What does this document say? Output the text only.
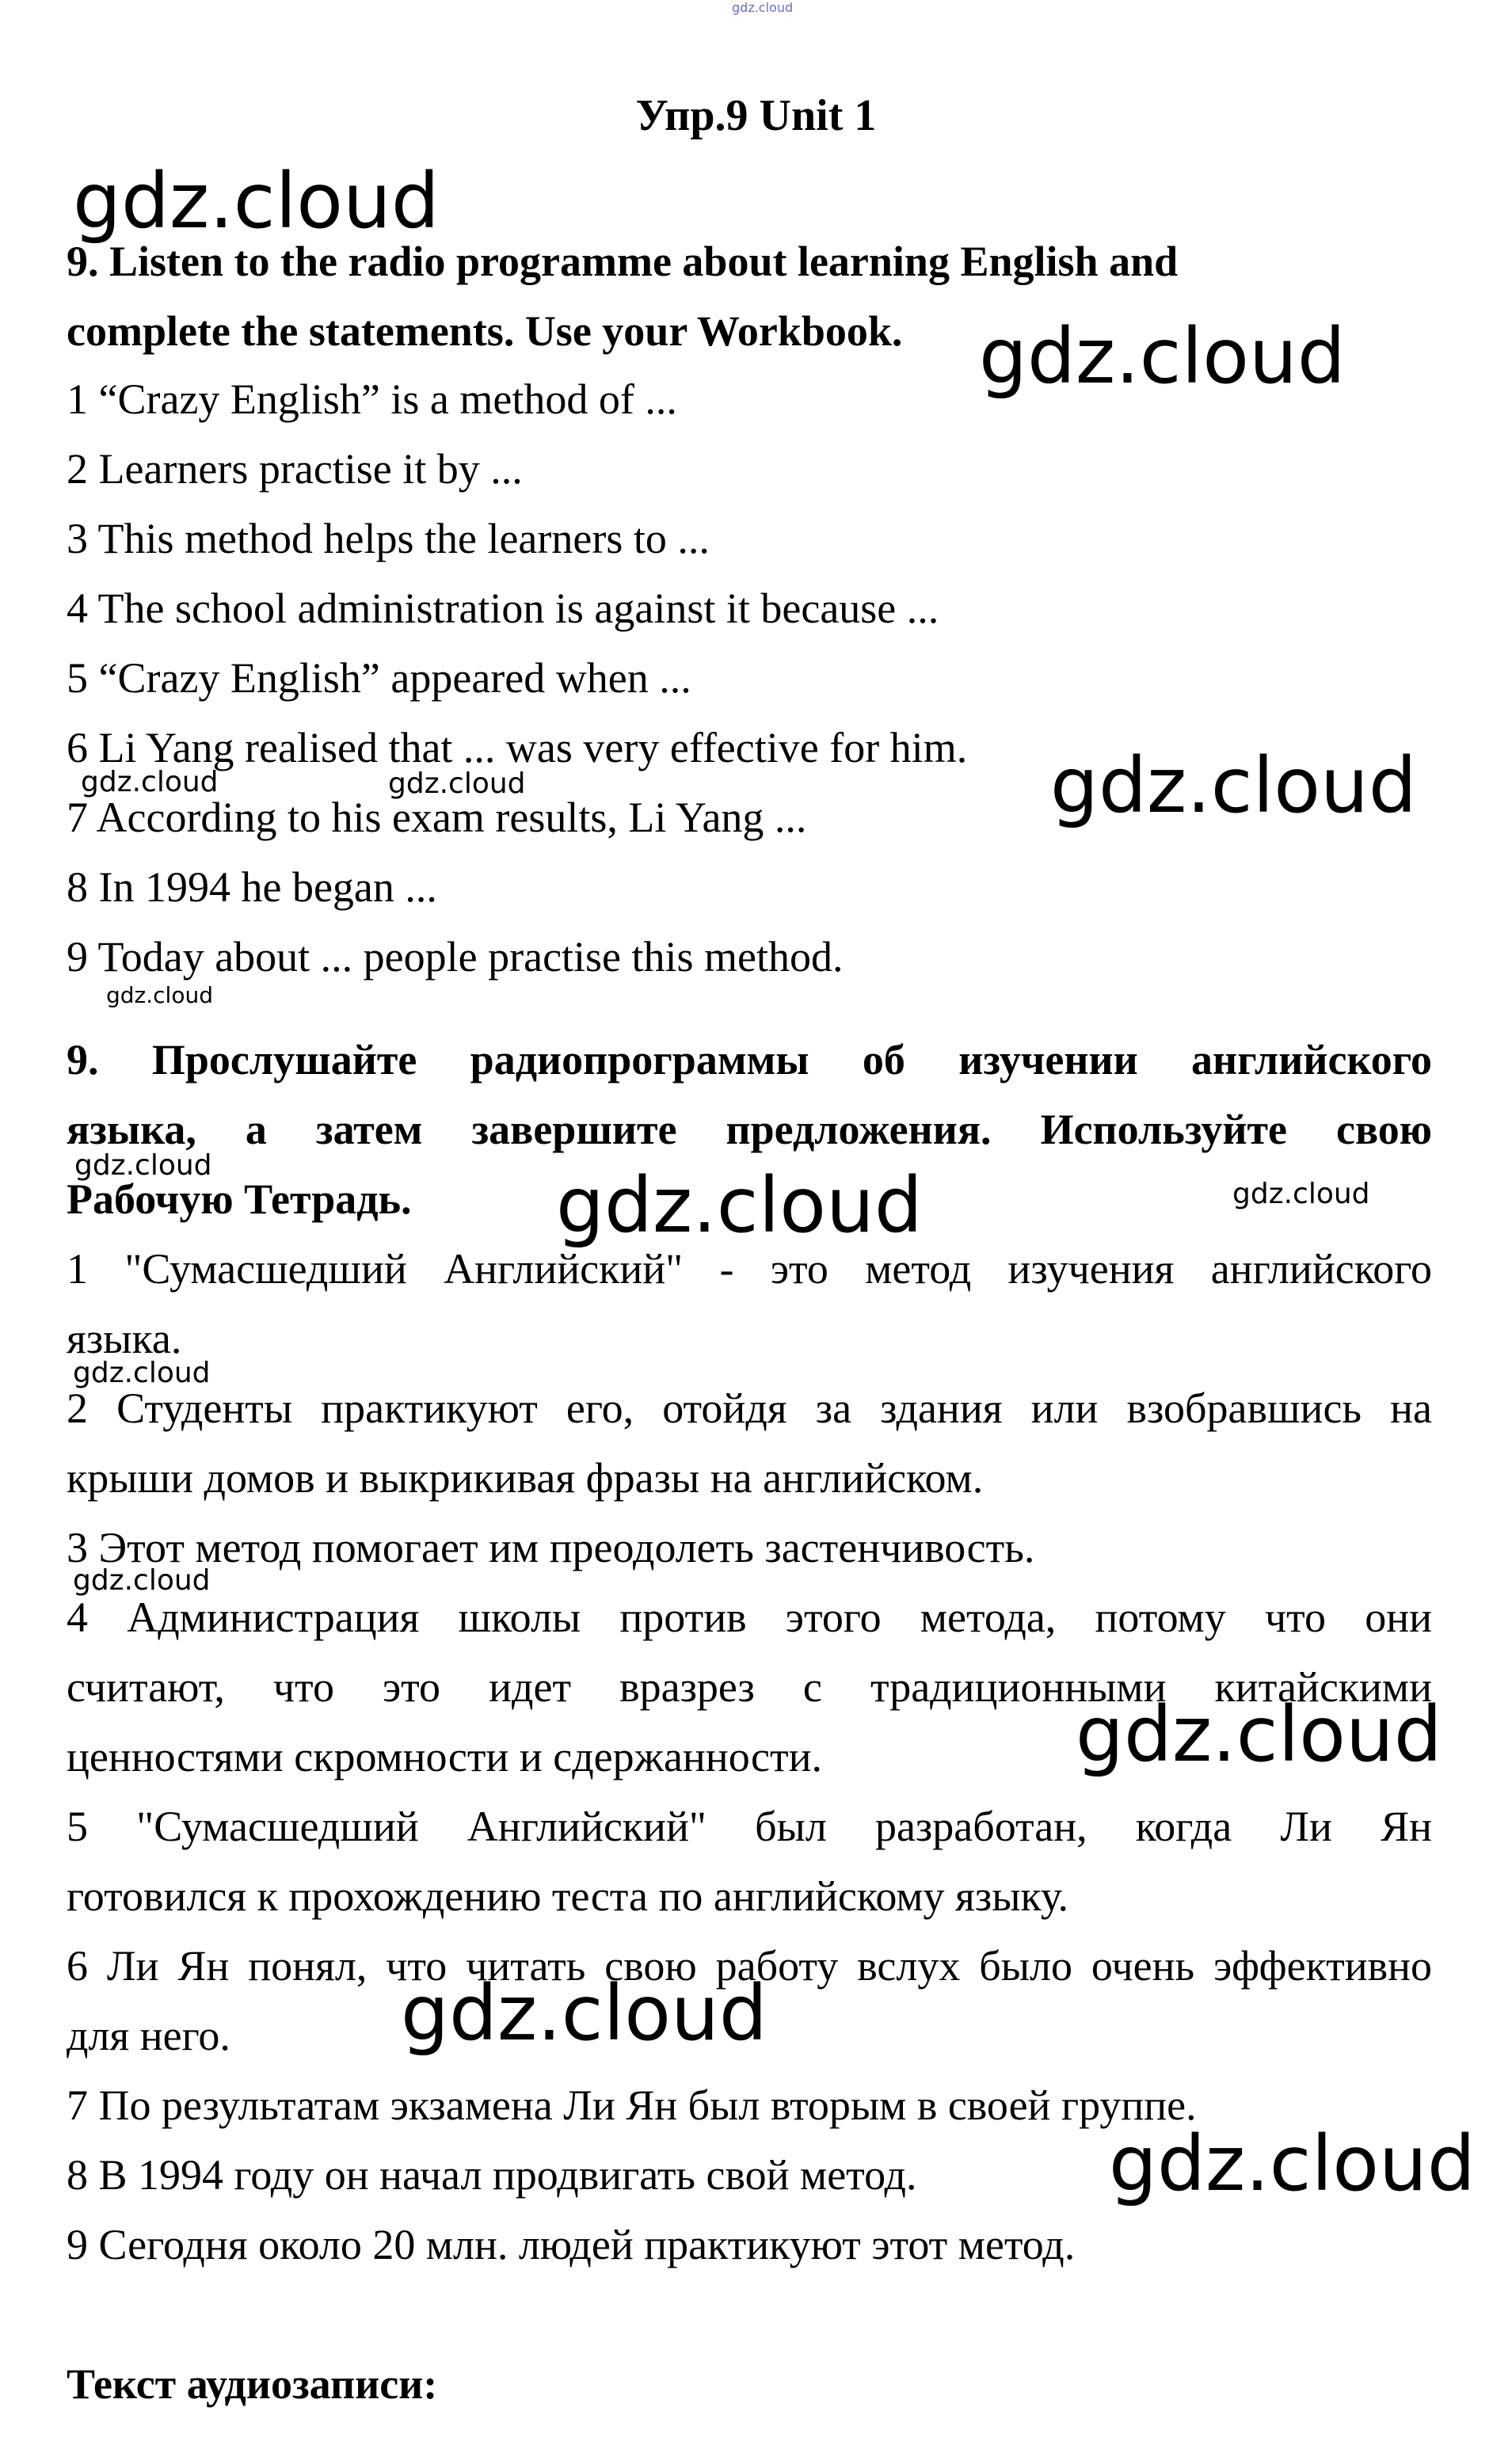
gdz.cloud
Упр.9 Unit 1
9. Listen to the radio programme about learning English and
complete the statements. Use your Workbook.
1 “Crazy English” is a method of ...
2 Learners practise it by ...
3 This method helps the learners to ...
4 The school administration is against it because ...
5 “Crazy English” appeared when ...
6 Li Yang realised that ... was very effective for him.
7 According to his exam results, Li Yang ...
8 In 1994 he began ...
9 Today about ... people practise this method.
9. Прослушайте радиопрограммы об изучении английского
языка, а затем завершите предложения. Используйте свою
Рабочую Тетрадь.
1 "Сумасшедший Английский" - это метод изучения английского
языка.
2 Студенты практикуют его, отойдя за здания или взобравшись на
крыши домов и выкрикивая фразы на английском.
3 Этот метод помогает им преодолеть застенчивость.
4 Администрация школы против этого метода, потому что они
считают, что это идет вразрез с традиционными китайскими
ценностями скромности и сдержанности.
5 "Сумасшедший Английский" был разработан, когда Ли Ян
готовился к прохождению теста по английскому языку.
6 Ли Ян понял, что читать свою работу вслух было очень эффективно
для него.
7 По результатам экзамена Ли Ян был вторым в своей группе.
8 В 1994 году он начал продвигать свой метод.
9 Сегодня около 20 млн. людей практикуют этот метод.
Текст аудиозаписи:
gdz.cloud
gdz.cloud
gdz.cloud
gdz.cloud	gdz.cloud
gdz.cloud
gdz.cloud	gdz.cloud	gdz.cloud
gdz.cloud
gdz.cloud
gdz.cloud
gdz.cloud
gdz.cloud
